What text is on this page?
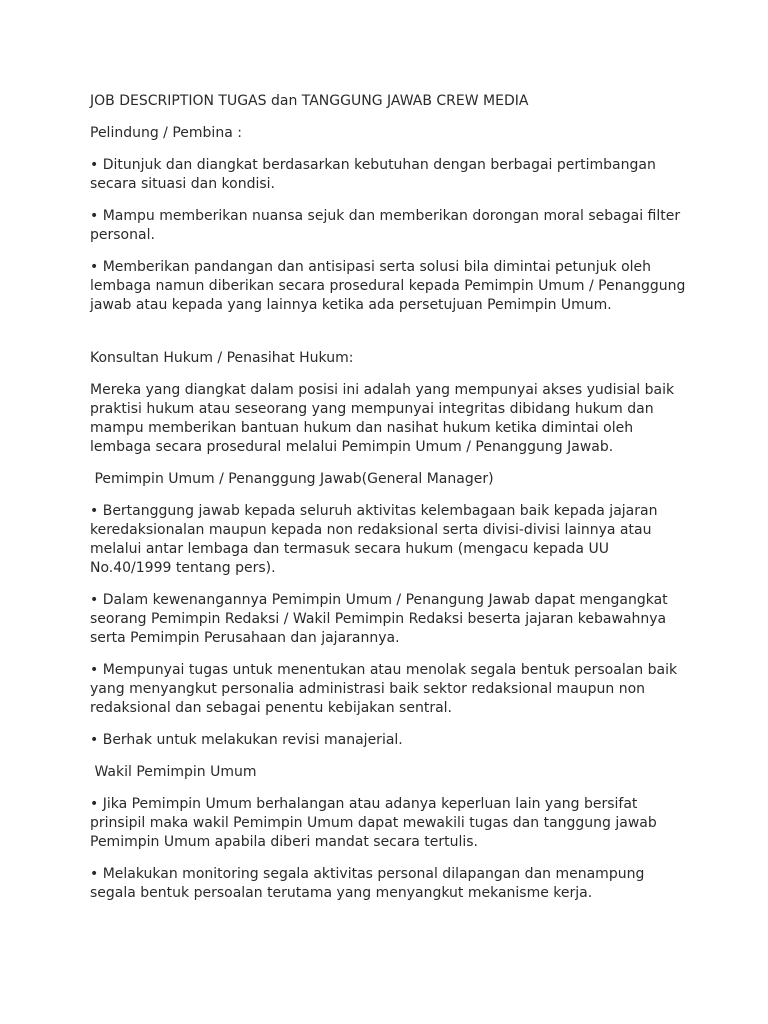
JOB DESCRIPTION TUGAS dan TANGGUNG JAWAB CREW MEDIA

Pelindung / Pembina :

• Ditunjuk dan diangkat berdasarkan kebutuhan dengan berbagai pertimbangan secara situasi dan kondisi.

• Mampu memberikan nuansa sejuk dan memberikan dorongan moral sebagai filter personal.

• Memberikan pandangan dan antisipasi serta solusi bila dimintai petunjuk oleh lembaga namun diberikan secara prosedural kepada Pemimpin Umum / Penanggung jawab atau kepada yang lainnya ketika ada persetujuan Pemimpin Umum.

Konsultan Hukum / Penasihat Hukum:

Mereka yang diangkat dalam posisi ini adalah yang mempunyai akses yudisial baik praktisi hukum atau seseorang yang mempunyai integritas dibidang hukum dan mampu memberikan bantuan hukum dan nasihat hukum ketika dimintai oleh lembaga secara prosedural melalui Pemimpin Umum / Penanggung Jawab.

Pemimpin Umum / Penanggung Jawab(General Manager)

• Bertanggung jawab kepada seluruh aktivitas kelembagaan baik kepada jajaran keredaksionalan maupun kepada non redaksional serta divisi-divisi lainnya atau melalui antar lembaga dan termasuk secara hukum (mengacu kepada UU No.40/1999 tentang pers).

• Dalam kewenangannya Pemimpin Umum / Penangung Jawab dapat mengangkat seorang Pemimpin Redaksi / Wakil Pemimpin Redaksi beserta jajaran kebawahnya serta Pemimpin Perusahaan dan jajarannya.

• Mempunyai tugas untuk menentukan atau menolak segala bentuk persoalan baik yang menyangkut personalia administrasi baik sektor redaksional maupun non redaksional dan sebagai penentu kebijakan sentral.

• Berhak untuk melakukan revisi manajerial.

Wakil Pemimpin Umum

• Jika Pemimpin Umum berhalangan atau adanya keperluan lain yang bersifat prinsipil maka wakil Pemimpin Umum dapat mewakili tugas dan tanggung jawab Pemimpin Umum apabila diberi mandat secara tertulis.

• Melakukan monitoring segala aktivitas personal dilapangan dan menampung segala bentuk persoalan terutama yang menyangkut mekanisme kerja.
